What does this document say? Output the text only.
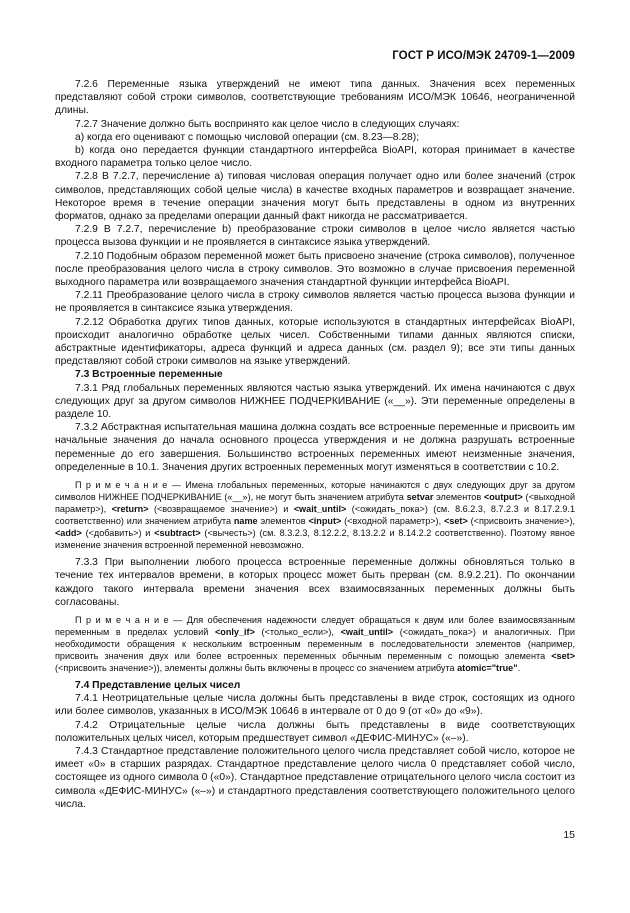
ГОСТ Р ИСО/МЭК 24709-1—2009

7.2.6 Переменные языка утверждений не имеют типа данных. Значения всех переменных представляют собой строки символов, соответствующие требованиям ИСО/МЭК 10646, неограниченной длины.

7.2.7 Значение должно быть воспринято как целое число в следующих случаях:

a) когда его оценивают с помощью числовой операции (см. 8.23—8.28);

b) когда оно передается функции стандартного интерфейса BioAPI, которая принимает в качестве входного параметра только целое число.

7.2.8 В 7.2.7, перечисление a) типовая числовая операция получает одно или более значений (строк символов, представляющих собой целые числа) в качестве входных параметров и возвращает значение. Некоторое время в течение операции значения могут быть представлены в одном из внутренних форматов, однако за пределами операции данный факт никогда не рассматривается.

7.2.9 В 7.2.7, перечисление b) преобразование строки символов в целое число является частью процесса вызова функции и не проявляется в синтаксисе языка утверждений.

7.2.10 Подобным образом переменной может быть присвоено значение (строка символов), полученное после преобразования целого числа в строку символов. Это возможно в случае присвоения переменной выходного параметра или возвращаемого значения стандартной функции интерфейса BioAPI.

7.2.11 Преобразование целого числа в строку символов является частью процесса вызова функции и не проявляется в синтаксисе языка утверждения.

7.2.12 Обработка других типов данных, которые используются в стандартных интерфейсах BioAPI, происходит аналогично обработке целых чисел. Собственными типами данных являются списки, абстрактные идентификаторы, адреса функций и адреса данных (см. раздел 9); все эти типы данных представляют собой строки символов на языке утверждений.

7.3 Встроенные переменные

7.3.1 Ряд глобальных переменных являются частью языка утверждений. Их имена начинаются с двух следующих друг за другом символов НИЖНЕЕ ПОДЧЕРКИВАНИЕ («__»). Эти переменные определены в разделе 10.

7.3.2 Абстрактная испытательная машина должна создать все встроенные переменные и присвоить им начальные значения до начала основного процесса утверждения и не должна разрушать встроенные переменные до его завершения. Большинство встроенных переменных имеют неизменные значения, определенные в 10.1. Значения других встроенных переменных могут изменяться в соответствии с 10.2.

П р и м е ч а н и е — Имена глобальных переменных, которые начинаются с двух следующих друг за другом символов НИЖНЕЕ ПОДЧЕРКИВАНИЕ («__»), не могут быть значением атрибута setvar элементов <output> (<выходной параметр>), <return> (<возвращаемое значение>) и <wait_until> (<ожидать_пока>) (см. 8.6.2.3, 8.7.2.3 и 8.17.2.9.1 соответственно) или значением атрибута name элементов <input> (<входной параметр>), <set> (<присвоить значение>), <add> (<добавить>) и <subtract> (<вычесть>) (см. 8.3.2.3, 8.12.2.2, 8.13.2.2 и 8.14.2.2 соответственно). Поэтому явное изменение значения встроенной переменной невозможно.

7.3.3 При выполнении любого процесса встроенные переменные должны обновляться только в течение тех интервалов времени, в которых процесс может быть прерван (см. 8.9.2.21). По окончании каждого такого интервала времени значения всех взаимосвязанных переменных должны быть согласованы.

П р и м е ч а н и е — Для обеспечения надежности следует обращаться к двум или более взаимосвязанным переменным в пределах условий <only_if> (<только_если>), <wait_until> (<ожидать_пока>) и аналогичных. При необходимости обращения к нескольким встроенным переменным в последовательности элементов (например, присвоить значения двух или более встроенных переменных обычным переменным с помощью элемента <set> (<присвоить значение>)), элементы должны быть включены в процесс со значением атрибута atomic="true".

7.4 Представление целых чисел

7.4.1 Неотрицательные целые числа должны быть представлены в виде строк, состоящих из одного или более символов, указанных в ИСО/МЭК 10646 в интервале от 0 до 9 (от «0» до «9»).

7.4.2 Отрицательные целые числа должны быть представлены в виде соответствующих положительных целых чисел, которым предшествует символ «ДЕФИС-МИНУС» («–»).

7.4.3 Стандартное представление положительного целого числа представляет собой число, которое не имеет «0» в старших разрядах. Стандартное представление целого числа 0 представляет собой число, состоящее из одного символа 0 («0»). Стандартное представление отрицательного целого числа состоит из символа «ДЕФИС-МИНУС» («–») и стандартного представления соответствующего положительного целого числа.

15
